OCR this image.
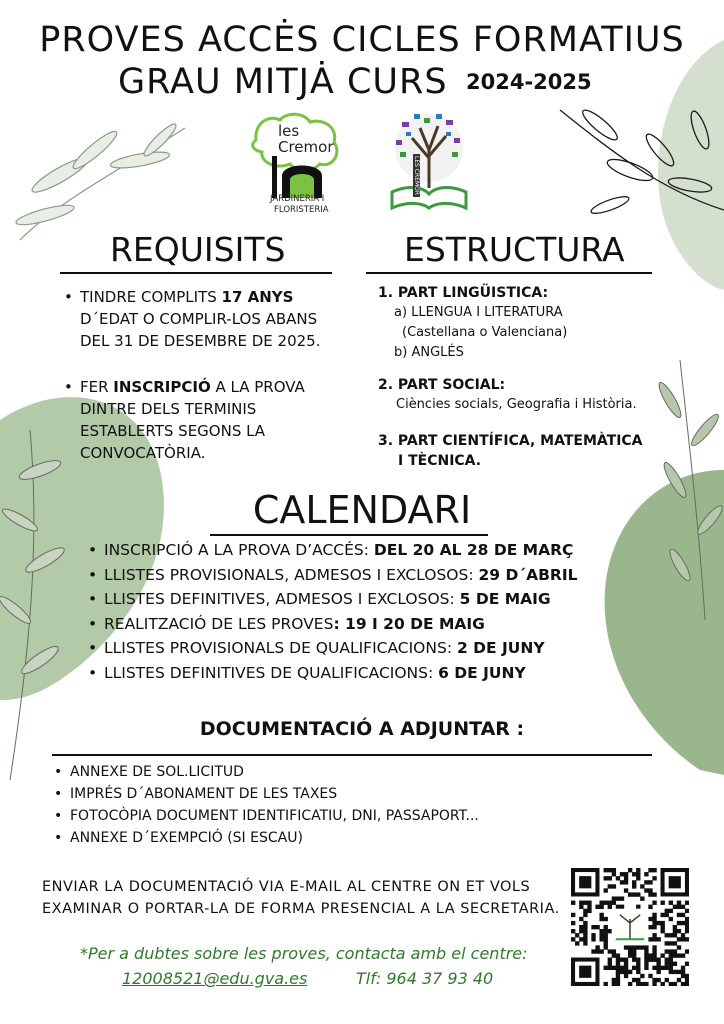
PROVES ACCĖS CICLES FORMATIUS
GRAU MITJȦ CURS 2024-2025
les
Cremor
JARDINERIA I
FLORISTERIA
LES CREMOR
REQUISITS
• TINDRE COMPLITS 17 ANYS
D´EDAT O COMPLIR-LOS ABANS
DEL 31 DE DESEMBRE DE 2025.
• FER INSCRIPCIÓ A LA PROVA
DINTRE DELS TERMINIS
ESTABLERTS SEGONS LA
CONVOCATÒRIA.
ESTRUCTURA
1. PART LINGÜISTICA:
a) LLENGUA I LITERATURA
(Castellana o Valenciana)
b) ANGLÉS
2. PART SOCIAL:
Ciències socials, Geografia i Història.
3. PART CIENTÍFICA, MATEMÀTICA
I TÈCNICA.
CALENDARI
• INSCRIPCIÓ A LA PROVA D’ACCÉS: DEL 20 AL 28 DE MARÇ
• LLISTES PROVISIONALS, ADMESOS I EXCLOSOS: 29 D´ABRIL
• LLISTES DEFINITIVES, ADMESOS I EXCLOSOS: 5 DE MAIG
• REALITZACIÓ DE LES PROVES: 19 I 20 DE MAIG
• LLISTES PROVISIONALS DE QUALIFICACIONS: 2 DE JUNY
• LLISTES DEFINITIVES DE QUALIFICACIONS: 6 DE JUNY
DOCUMENTACIÓ A ADJUNTAR :
• ANNEXE DE SOL.LICITUD
• IMPRÉS D´ABONAMENT DE LES TAXES
• FOTOCÒPIA DOCUMENT IDENTIFICATIU, DNI, PASSAPORT...
• ANNEXE D´EXEMPCIÓ (SI ESCAU)
ENVIAR LA DOCUMENTACIÓ VIA E-MAIL AL CENTRE ON ET VOLS
EXAMINAR O PORTAR-LA DE FORMA PRESENCIAL A LA SECRETARIA.
*Per a dubtes sobre les proves, contacta amb el centre:
12008521@edu.gva.es	Tlf: 964 37 93 40
